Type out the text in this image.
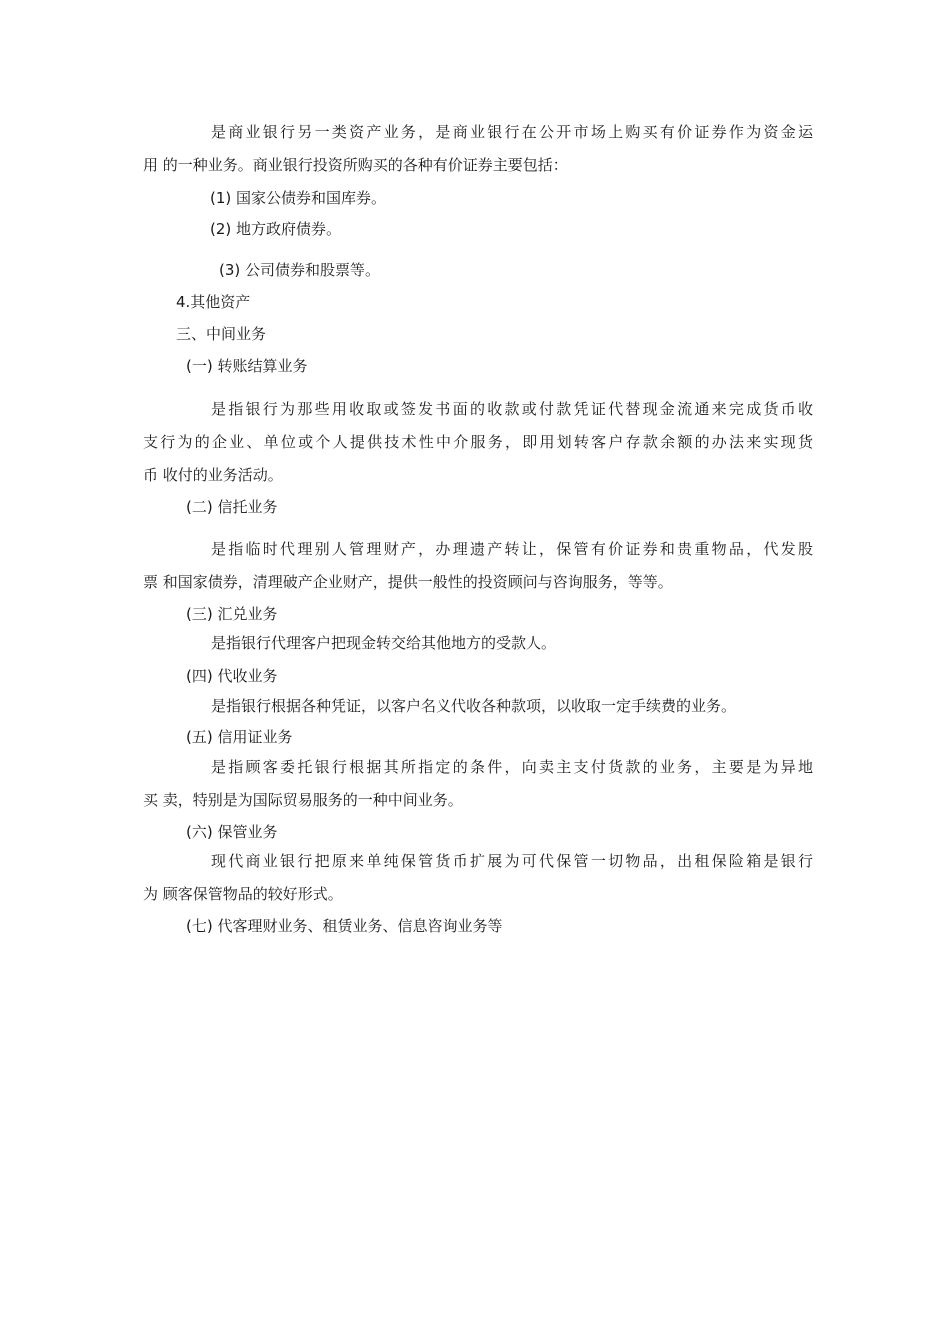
是商业银行另一类资产业务，是商业银行在公开市场上购买有价证券作为资金运
用 的一种业务。商业银行投资所购买的各种有价证券主要包括：
(1) 国家公债券和国库券。
(2) 地方政府债券。
(3) 公司债券和股票等。
4.其他资产
三、中间业务
(一) 转账结算业务
是指银行为那些用收取或签发书面的收款或付款凭证代替现金流通来完成货币收
支行为的企业、单位或个人提供技术性中介服务，即用划转客户存款余额的办法来实现货
币 收付的业务活动。
(二) 信托业务
是指临时代理别人管理财产，办理遗产转让，保管有价证券和贵重物品，代发股
票 和国家债券，清理破产企业财产，提供一般性的投资顾问与咨询服务，等等。
(三) 汇兑业务
是指银行代理客户把现金转交给其他地方的受款人。
(四) 代收业务
是指银行根据各种凭证，以客户名义代收各种款项，以收取一定手续费的业务。
(五) 信用证业务
是指顾客委托银行根据其所指定的条件，向卖主支付货款的业务，主要是为异地
买 卖，特别是为国际贸易服务的一种中间业务。
(六) 保管业务
现代商业银行把原来单纯保管货币扩展为可代保管一切物品，出租保险箱是银行
为 顾客保管物品的较好形式。
(七) 代客理财业务、租赁业务、信息咨询业务等
